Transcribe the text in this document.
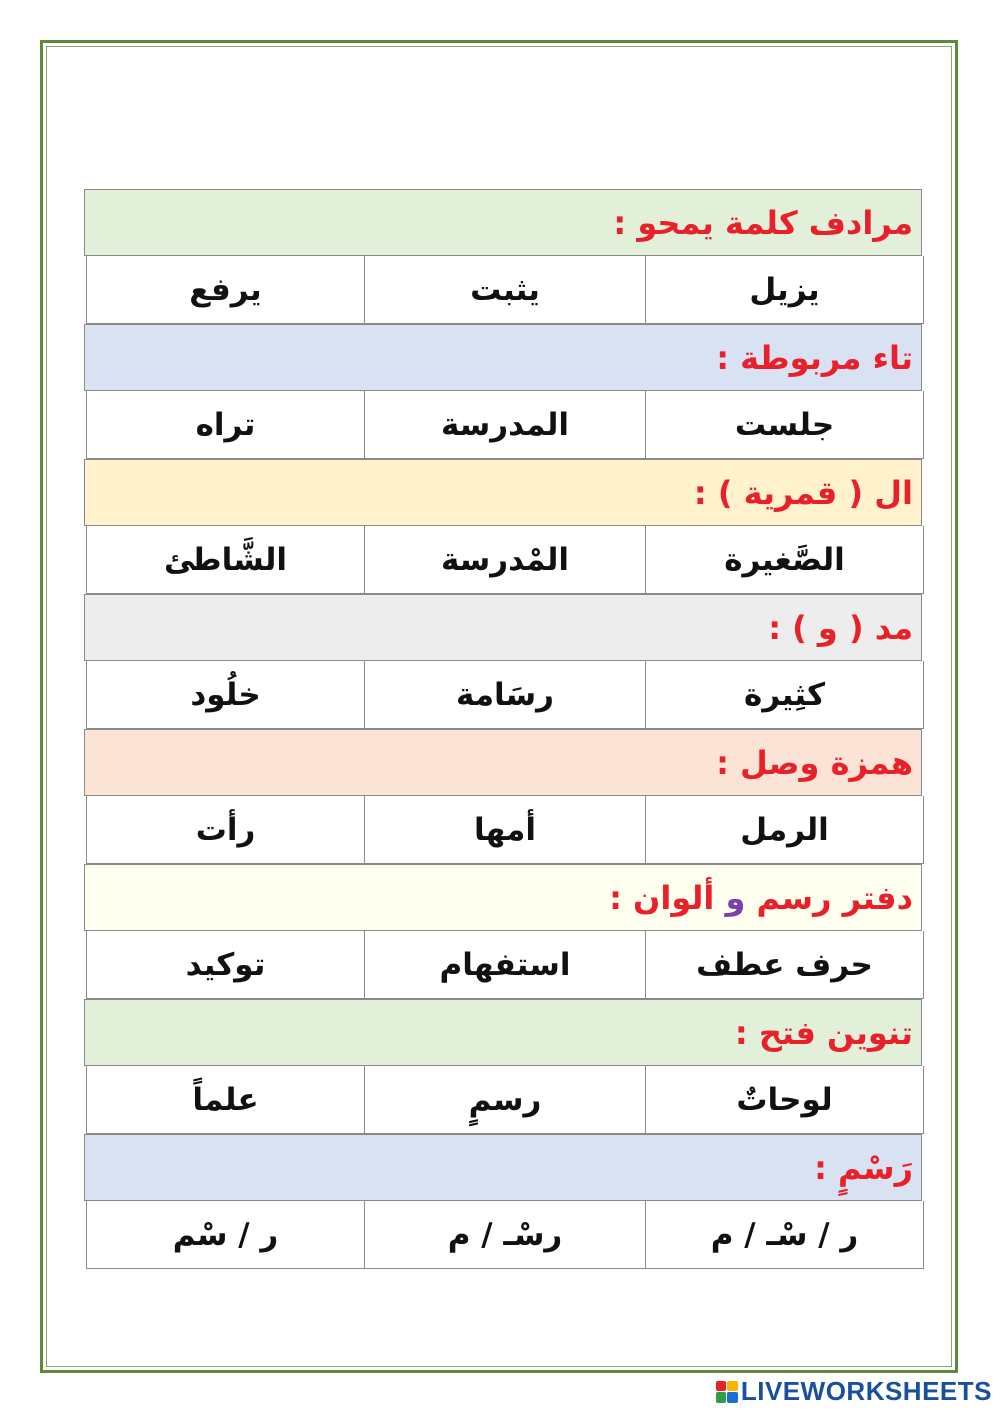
مرادف كلمة يمحو :
يزيل
يثبت
يرفع
تاء مربوطة :
جلست
المدرسة
تراه
ال ( قمرية ) :
الصَّغيرة
المْدرسة
الشَّاطئ
مد ( و ) :
كثِيرة
رسَامة
خلُود
همزة وصل :
الرمل
أمها
رأت
دفتر رسم و ألوان :
حرف عطف
استفهام
توكيد
تنوين فتح :
لوحاتٌ
رسمٍ
علماً
رَسْمٍ :
ر / سْـ / م
رسْـ / م
ر / سْم
LIVEWORKSHEETS
